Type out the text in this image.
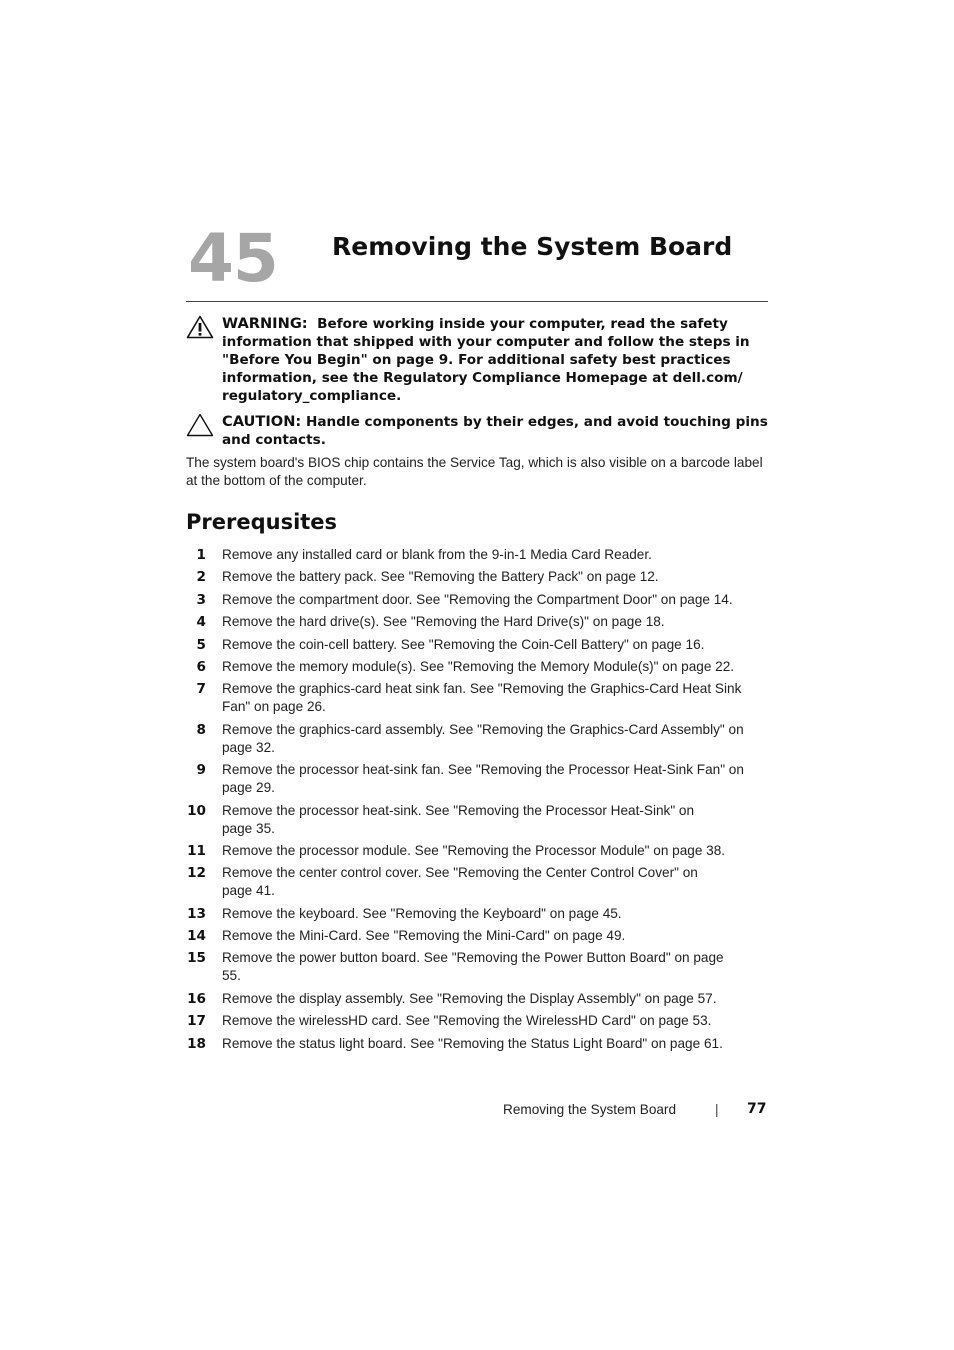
45 Removing the System Board
WARNING: Before working inside your computer, read the safety information that shipped with your computer and follow the steps in "Before You Begin" on page 9. For additional safety best practices information, see the Regulatory Compliance Homepage at dell.com/ regulatory_compliance.
CAUTION: Handle components by their edges, and avoid touching pins and contacts.
The system board's BIOS chip contains the Service Tag, which is also visible on a barcode label at the bottom of the computer.
Prerequsites
1 Remove any installed card or blank from the 9-in-1 Media Card Reader.
2 Remove the battery pack. See "Removing the Battery Pack" on page 12.
3 Remove the compartment door. See "Removing the Compartment Door" on page 14.
4 Remove the hard drive(s). See "Removing the Hard Drive(s)" on page 18.
5 Remove the coin-cell battery. See "Removing the Coin-Cell Battery" on page 16.
6 Remove the memory module(s). See "Removing the Memory Module(s)" on page 22.
7 Remove the graphics-card heat sink fan. See "Removing the Graphics-Card Heat Sink Fan" on page 26.
8 Remove the graphics-card assembly. See "Removing the Graphics-Card Assembly" on page 32.
9 Remove the processor heat-sink fan. See "Removing the Processor Heat-Sink Fan" on page 29.
10 Remove the processor heat-sink. See "Removing the Processor Heat-Sink" on page 35.
11 Remove the processor module. See "Removing the Processor Module" on page 38.
12 Remove the center control cover. See "Removing the Center Control Cover" on page 41.
13 Remove the keyboard. See "Removing the Keyboard" on page 45.
14 Remove the Mini-Card. See "Removing the Mini-Card" on page 49.
15 Remove the power button board. See "Removing the Power Button Board" on page 55.
16 Remove the display assembly. See "Removing the Display Assembly" on page 57.
17 Remove the wirelessHD card. See "Removing the WirelessHD Card" on page 53.
18 Remove the status light board. See "Removing the Status Light Board" on page 61.
Removing the System Board	| 77
